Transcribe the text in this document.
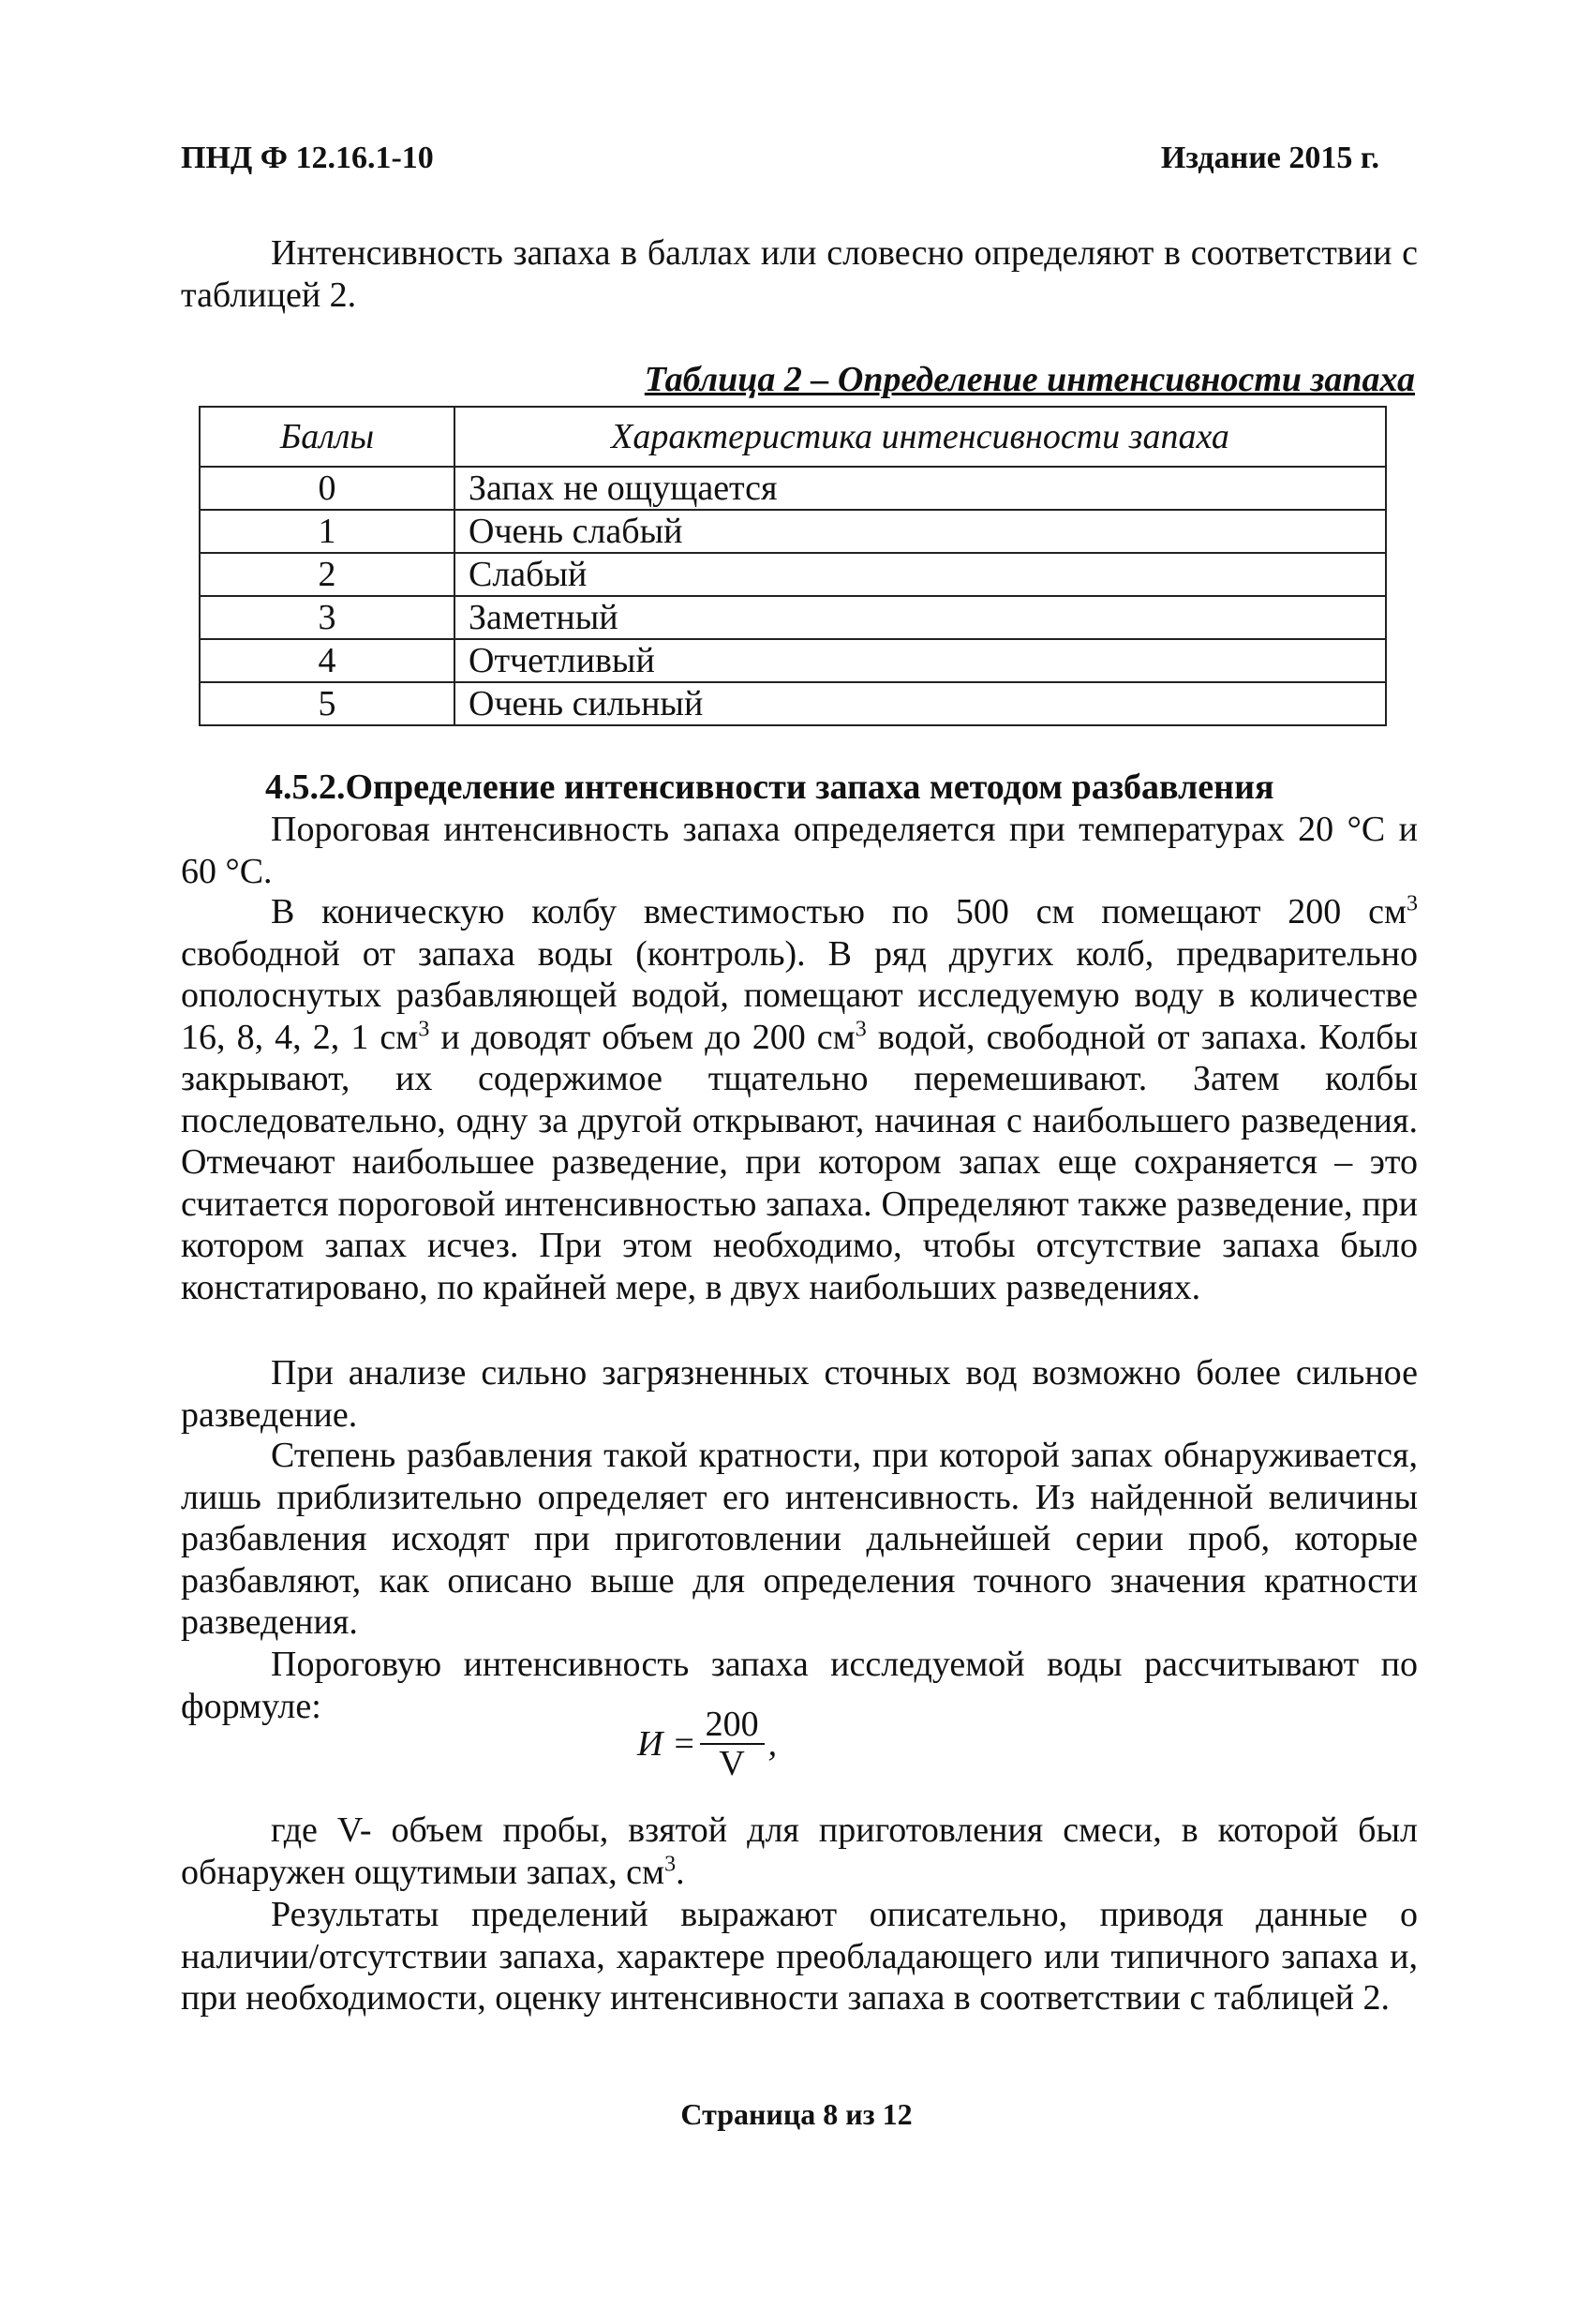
ПНД Ф 12.16.1-10	Издание 2015 г.
Интенсивность запаха в баллах или словесно определяют в соответствии с таблицей 2.
Таблица 2 – Определение интенсивности запаха
Баллы	Характеристика интенсивности запаха
0	Запах не ощущается
1	Очень слабый
2	Слабый
3	Заметный
4	Отчетливый
5	Очень сильный
4.5.2.Определение интенсивности запаха методом разбавления
Пороговая интенсивность запаха определяется при температурах 20 °С и 60 °С.
В коническую колбу вместимостью по 500 см помещают 200 $см^3$ свободной от запаха воды (контроль). В ряд других колб, предварительно ополоснутых разбавляющей водой, помещают исследуемую воду в количестве 16, 8, 4, 2, 1 $см^3$ и доводят объем до 200 $см^3$ водой, свободной от запаха. Колбы закрывают, их содержимое тщательно перемешивают. Затем колбы последовательно, одну за другой открывают, начиная с наибольшего разведения. Отмечают наибольшее разведение, при котором запах еще сохраняется – это считается пороговой интенсивностью запаха. Определяют также разведение, при котором запах исчез. При этом необходимо, чтобы отсутствие запаха было констатировано, по крайней мере, в двух наибольших разведениях.
При анализе сильно загрязненных сточных вод возможно более сильное разведение.
Степень разбавления такой кратности, при которой запах обнаруживается, лишь приблизительно определяет его интенсивность. Из найденной величины разбавления исходят при приготовлении дальнейшей серии проб, которые разбавляют, как описано выше для определения точного значения кратности разведения.
Пороговую интенсивность запаха исследуемой воды рассчитывают по формуле:
$И = \frac{200}{V}$ ,
где V- объем пробы, взятой для приготовления смеси, в которой был обнаружен ощутимыи запах, $см^3$.
Результаты пределений выражают описательно, приводя данные о наличии/отсутствии запаха, характере преобладающего или типичного запаха и, при необходимости, оценку интенсивности запаха в соответствии с таблицей 2.
Страница 8 из 12
